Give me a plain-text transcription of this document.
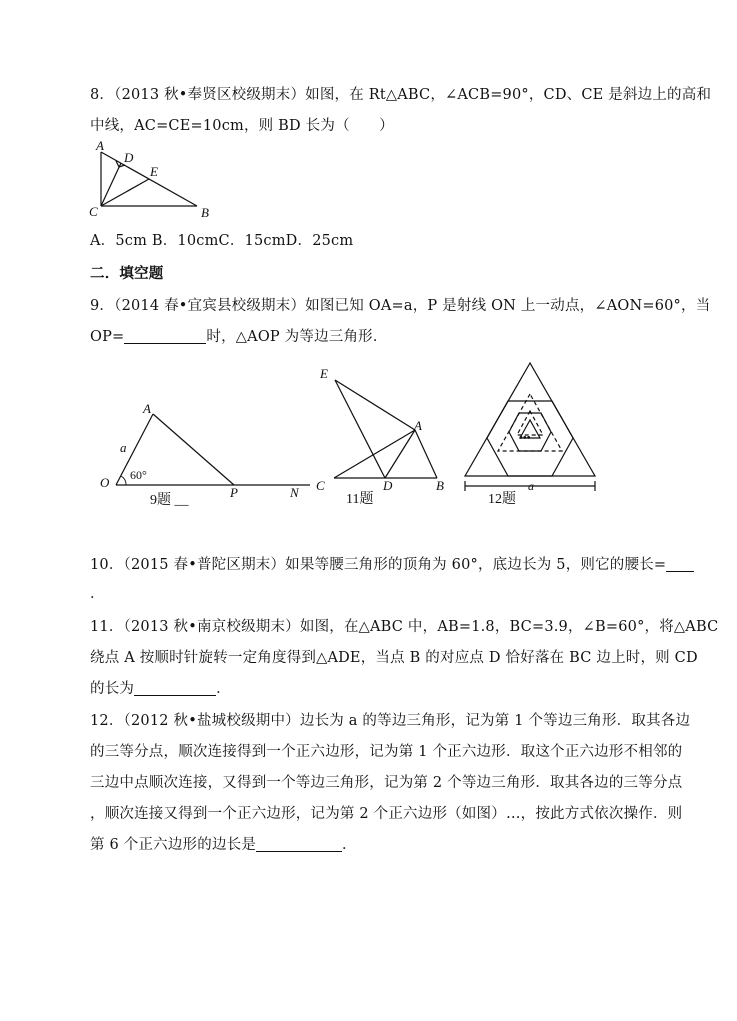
8．（2013 秋•奉贤区校级期末）如图，在 Rt△ABC，∠ACB=90°，CD、CE 是斜边上的高和
中线，AC=CE=10cm，则 BD 长为（　　）
A
D
E
C	B
A．5cm B．10cmC．15cmD．25cm
二．填空题
9．（2014 春•宜宾县校级期末）如图已知 OA=a，P 是射线 ON 上一动点，∠AON=60°，当
OP=	时，△AOP 为等边三角形．
A
a
O 60°
P	N
9题 __
E
A
C	D	B
11题
•••
a
12题
10．（2015 春•普陀区期末）如果等腰三角形的顶角为 60°，底边长为 5，则它的腰长=
．
11．（2013 秋•南京校级期末）如图，在△ABC 中，AB=1.8，BC=3.9，∠B=60°，将△ABC
绕点 A 按顺时针旋转一定角度得到△ADE，当点 B 的对应点 D 恰好落在 BC 边上时，则 CD
的长为	．
12．（2012 秋•盐城校级期中）边长为 a 的等边三角形，记为第 1 个等边三角形．取其各边
的三等分点，顺次连接得到一个正六边形，记为第 1 个正六边形．取这个正六边形不相邻的
三边中点顺次连接，又得到一个等边三角形，记为第 2 个等边三角形．取其各边的三等分点
，顺次连接又得到一个正六边形，记为第 2 个正六边形（如图）…，按此方式依次操作．则
第 6 个正六边形的边长是	．
